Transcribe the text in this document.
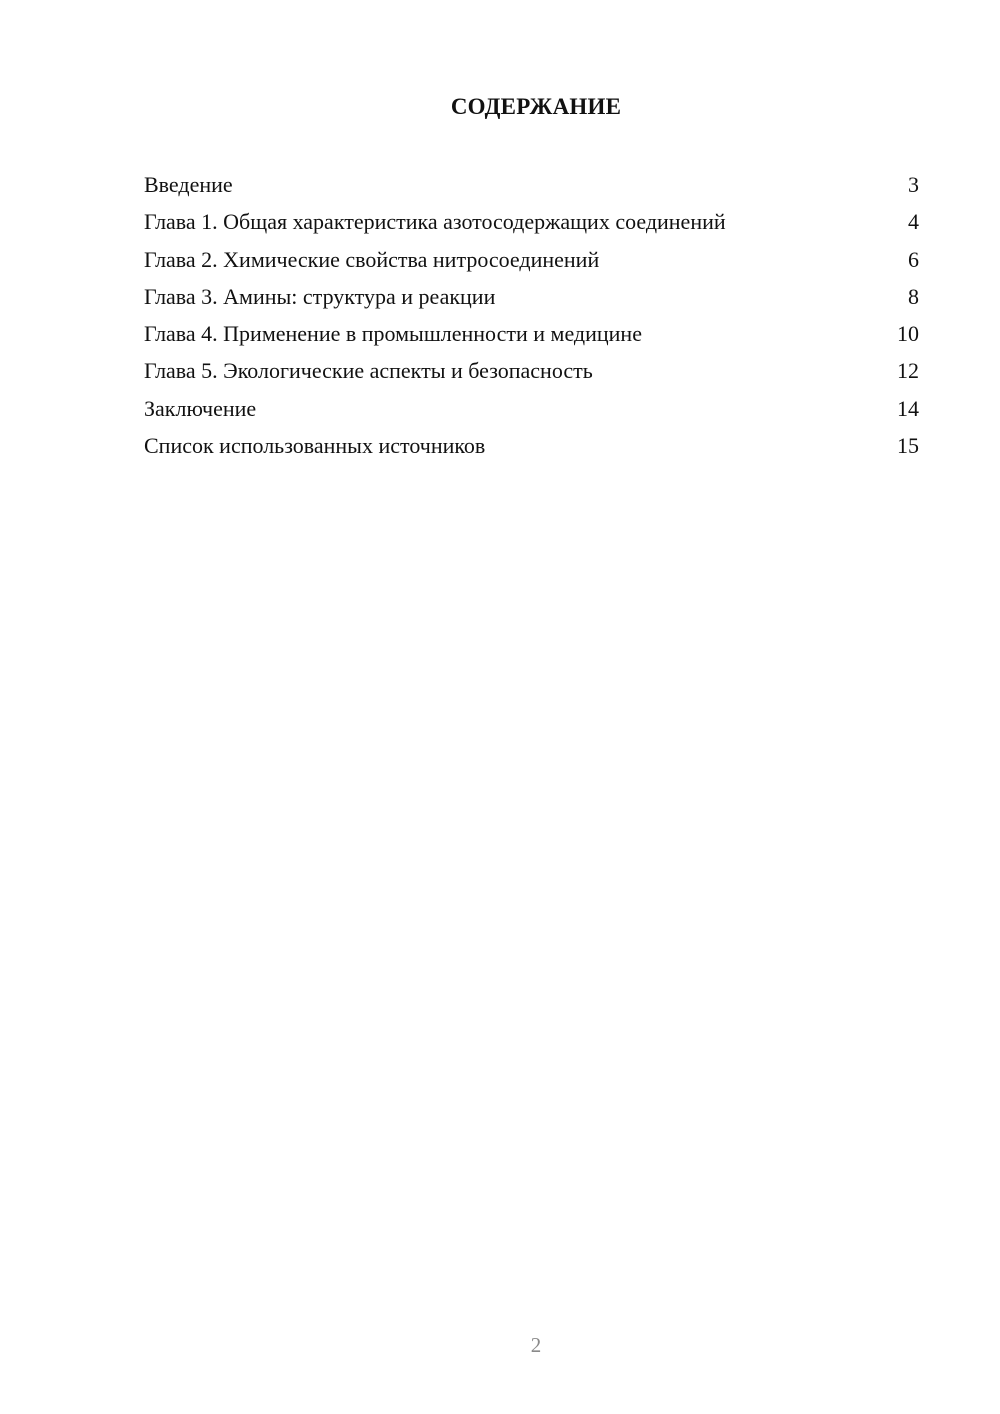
СОДЕРЖАНИЕ
Введение	3
Глава 1. Общая характеристика азотосодержащих соединений	4
Глава 2. Химические свойства нитросоединений	6
Глава 3. Амины: структура и реакции	8
Глава 4. Применение в промышленности и медицине	10
Глава 5. Экологические аспекты и безопасность	12
Заключение	14
Список использованных источников	15
2
